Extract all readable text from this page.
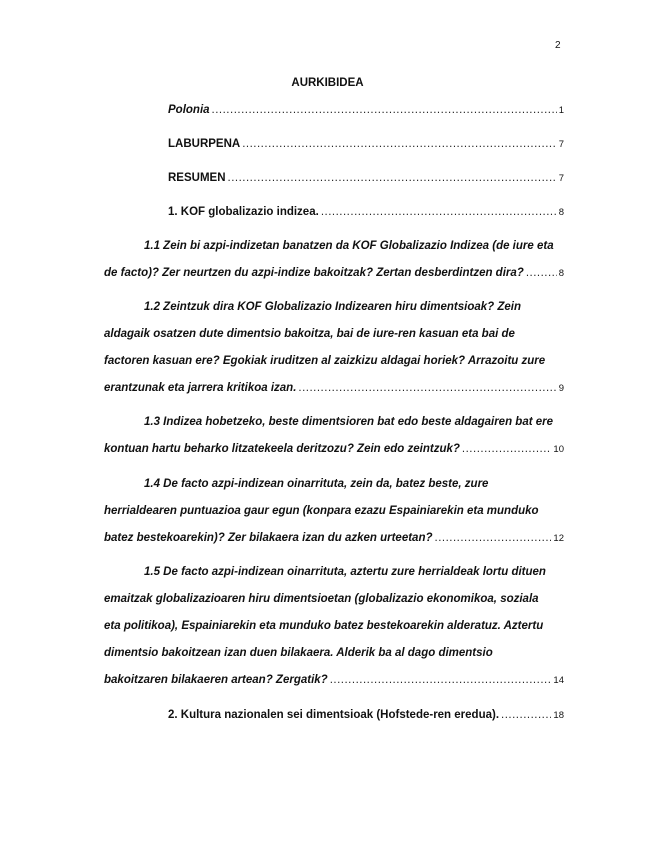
2
AURKIBIDEA
Polonia .....	1
LABURPENA .....	7
RESUMEN .....	7
1. KOF globalizazio indizea. .....	8
1.1 Zein bi azpi-indizetan banatzen da KOF Globalizazio Indizea (de iure eta
de facto)? Zer neurtzen du azpi-indize bakoitzak? Zertan desberdintzen dira? .....	8
1.2 Zeintzuk dira KOF Globalizazio Indizearen hiru dimentsioak? Zein
aldagaik osatzen dute dimentsio bakoitza, bai de iure-ren kasuan eta bai de
factoren kasuan ere? Egokiak iruditzen al zaizkizu aldagai horiek? Arrazoitu zure
erantzunak eta jarrera kritikoa izan. .....	9
1.3 Indizea hobetzeko, beste dimentsioren bat edo beste aldagairen bat ere
kontuan hartu beharko litzatekeela deritzozu? Zein edo zeintzuk? .....	10
1.4 De facto azpi-indizean oinarrituta, zein da, batez beste, zure
herrialdearen puntuazioa gaur egun (konpara ezazu Espainiarekin eta munduko
batez bestekoarekin)? Zer bilakaera izan du azken urteetan? .....	12
1.5 De facto azpi-indizean oinarrituta, aztertu zure herrialdeak lortu dituen
emaitzak globalizazioaren hiru dimentsioetan (globalizazio ekonomikoa, soziala
eta politikoa), Espainiarekin eta munduko batez bestekoarekin alderatuz. Aztertu
dimentsio bakoitzean izan duen bilakaera. Alderik ba al dago dimentsio
bakoitzaren bilakaeren artean? Zergatik? .....	14
2. Kultura nazionalen sei dimentsioak (Hofstede-ren eredua). .....	18
